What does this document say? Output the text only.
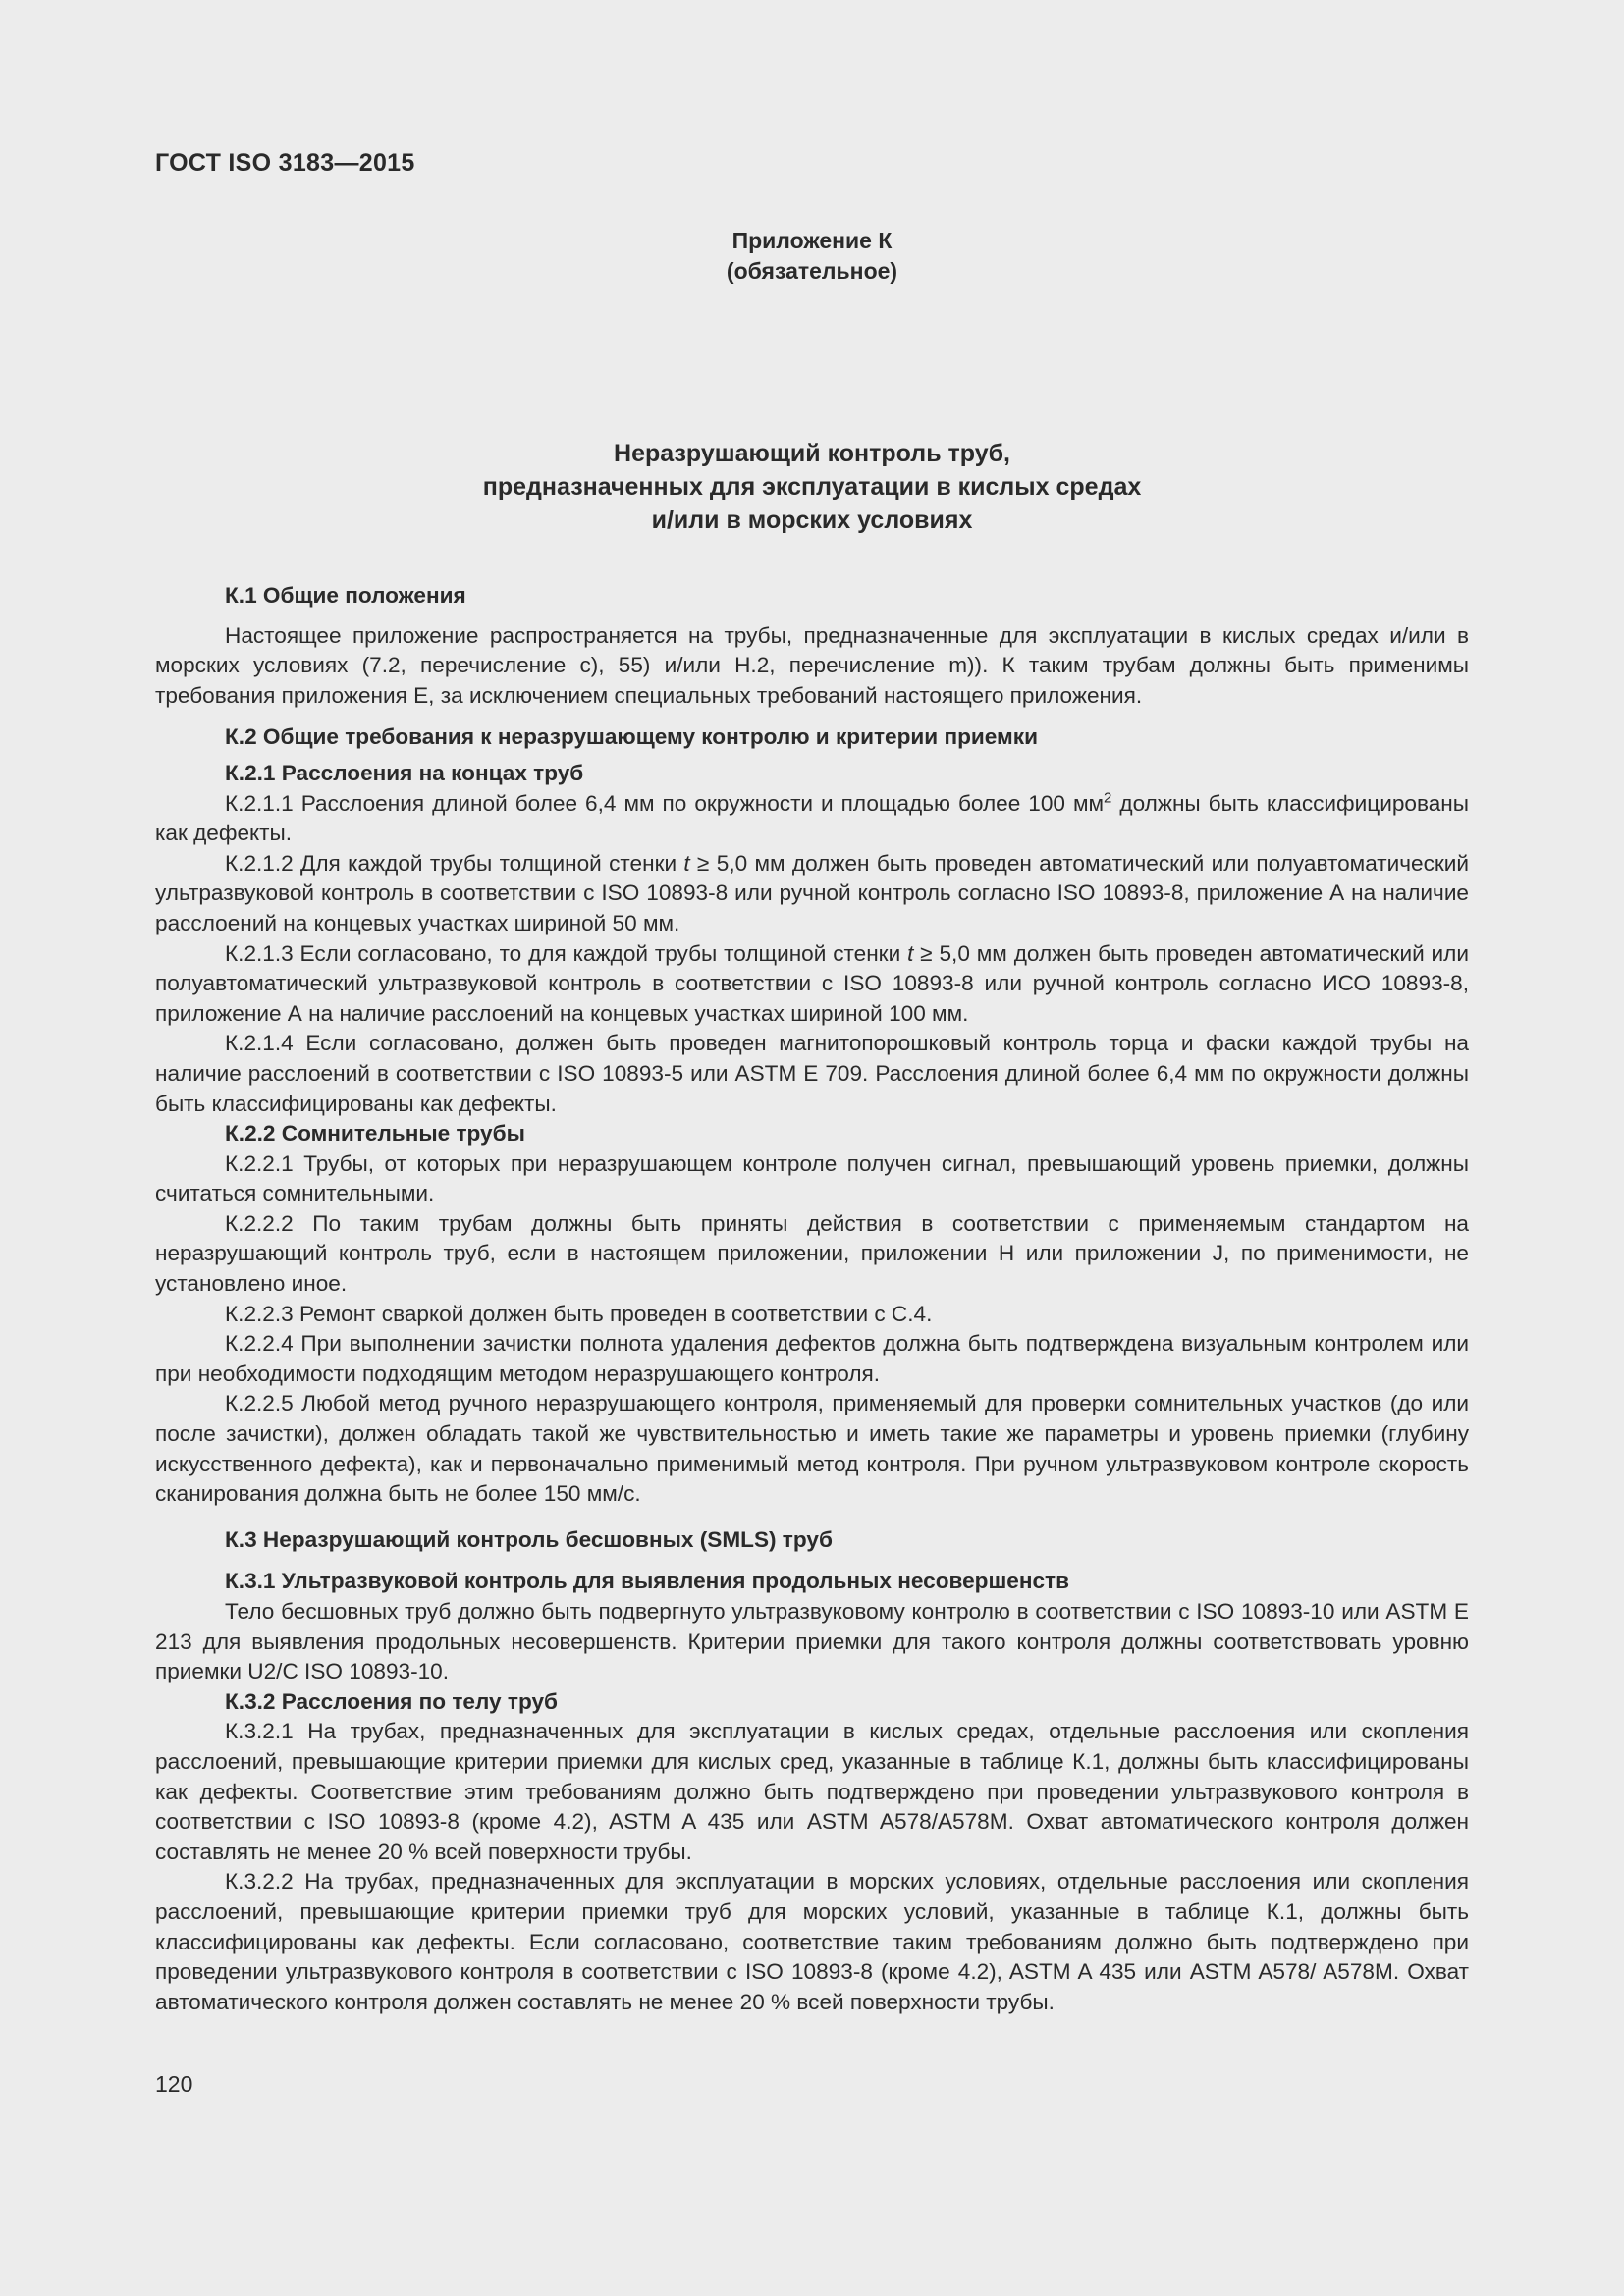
ГОСТ ISO 3183—2015
Приложение К
(обязательное)
Неразрушающий контроль труб,
предназначенных для эксплуатации в кислых средах
и/или в морских условиях
К.1 Общие положения

Настоящее приложение распространяется на трубы, предназначенные для эксплуатации в кислых средах и/или в морских условиях (7.2, перечисление с), 55) и/или Н.2, перечисление m)). К таким трубам должны быть применимы требования приложения Е, за исключением специальных требований настоящего приложения.

К.2 Общие требования к неразрушающему контролю и критерии приемки
К.2.1 Расслоения на концах труб

К.2.1.1 Расслоения длиной более 6,4 мм по окружности и площадью более 100 $мм^2$ должны быть классифицированы как дефекты.

К.2.1.2 Для каждой трубы толщиной стенки t ≥ 5,0 мм должен быть проведен автоматический или полуавтоматический ультразвуковой контроль в соответствии с ISO 10893-8 или ручной контроль согласно ISO 10893-8, приложение А на наличие расслоений на концевых участках шириной 50 мм.

К.2.1.3 Если согласовано, то для каждой трубы толщиной стенки t ≥ 5,0 мм должен быть проведен автоматический или полуавтоматический ультразвуковой контроль в соответствии с ISO 10893-8 или ручной контроль согласно ИСО 10893-8, приложение А на наличие расслоений на концевых участках шириной 100 мм.

К.2.1.4 Если согласовано, должен быть проведен магнитопорошковый контроль торца и фаски каждой трубы на наличие расслоений в соответствии с ISO 10893-5 или ASTM E 709. Расслоения длиной более 6,4 мм по окружности должны быть классифицированы как дефекты.

К.2.2 Сомнительные трубы

К.2.2.1 Трубы, от которых при неразрушающем контроле получен сигнал, превышающий уровень приемки, должны считаться сомнительными.

К.2.2.2 По таким трубам должны быть приняты действия в соответствии с применяемым стандартом на неразрушающий контроль труб, если в настоящем приложении, приложении Н или приложении J, по применимости, не установлено иное.

К.2.2.3 Ремонт сваркой должен быть проведен в соответствии с С.4.

К.2.2.4 При выполнении зачистки полнота удаления дефектов должна быть подтверждена визуальным контролем или при необходимости подходящим методом неразрушающего контроля.

К.2.2.5 Любой метод ручного неразрушающего контроля, применяемый для проверки сомнительных участков (до или после зачистки), должен обладать такой же чувствительностью и иметь такие же параметры и уровень приемки (глубину искусственного дефекта), как и первоначально применимый метод контроля. При ручном ультразвуковом контроле скорость сканирования должна быть не более 150 мм/с.

К.3 Неразрушающий контроль бесшовных (SMLS) труб
К.3.1 Ультразвуковой контроль для выявления продольных несовершенств

Тело бесшовных труб должно быть подвергнуто ультразвуковому контролю в соответствии с ISO 10893-10 или ASTM E 213 для выявления продольных несовершенств. Критерии приемки для такого контроля должны соответствовать уровню приемки U2/C ISO 10893-10.

К.3.2 Расслоения по телу труб

К.3.2.1 На трубах, предназначенных для эксплуатации в кислых средах, отдельные расслоения или скопления расслоений, превышающие критерии приемки для кислых сред, указанные в таблице К.1, должны быть классифицированы как дефекты. Соответствие этим требованиям должно быть подтверждено при проведении ультразвукового контроля в соответствии с ISO 10893-8 (кроме 4.2), ASTM A 435 или ASTM A578/A578M. Охват автоматического контроля должен составлять не менее 20 % всей поверхности трубы.

К.3.2.2 На трубах, предназначенных для эксплуатации в морских условиях, отдельные расслоения или скопления расслоений, превышающие критерии приемки труб для морских условий, указанные в таблице К.1, должны быть классифицированы как дефекты. Если согласовано, соответствие таким требованиям должно быть подтверждено при проведении ультразвукового контроля в соответствии с ISO 10893-8 (кроме 4.2), ASTM A 435 или ASTM A578/ A578M. Охват автоматического контроля должен составлять не менее 20 % всей поверхности трубы.

120
